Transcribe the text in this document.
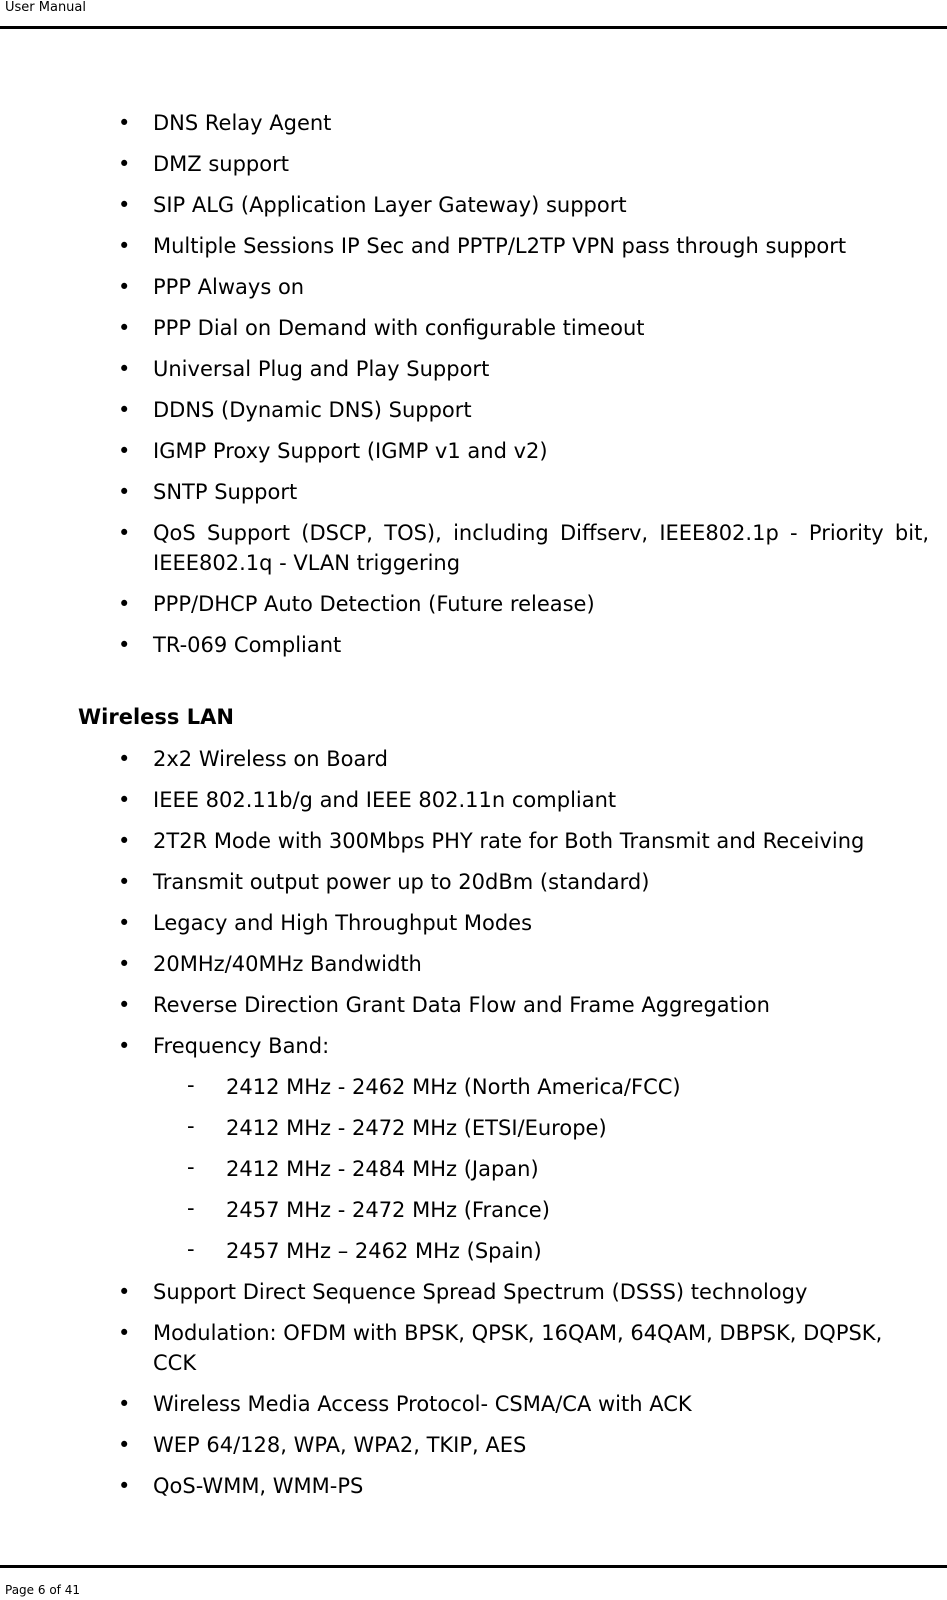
User Manual
• DNS Relay Agent
• DMZ support
• SIP ALG (Application Layer Gateway) support
• Multiple Sessions IP Sec and PPTP/L2TP VPN pass through support
• PPP Always on
• PPP Dial on Demand with configurable timeout
• Universal Plug and Play Support
• DDNS (Dynamic DNS) Support
• IGMP Proxy Support (IGMP v1 and v2)
• SNTP Support
• QoS Support (DSCP, TOS), including Diffserv, IEEE802.1p - Priority bit, IEEE802.1q - VLAN triggering
• PPP/DHCP Auto Detection (Future release)
• TR-069 Compliant
Wireless LAN
• 2x2 Wireless on Board
• IEEE 802.11b/g and IEEE 802.11n compliant
• 2T2R Mode with 300Mbps PHY rate for Both Transmit and Receiving
• Transmit output power up to 20dBm (standard)
• Legacy and High Throughput Modes
• 20MHz/40MHz Bandwidth
• Reverse Direction Grant Data Flow and Frame Aggregation
• Frequency Band:
- 2412 MHz - 2462 MHz (North America/FCC)
- 2412 MHz - 2472 MHz (ETSI/Europe)
- 2412 MHz - 2484 MHz (Japan)
- 2457 MHz - 2472 MHz (France)
- 2457 MHz – 2462 MHz (Spain)
• Support Direct Sequence Spread Spectrum (DSSS) technology
• Modulation: OFDM with BPSK, QPSK, 16QAM, 64QAM, DBPSK, DQPSK, CCK
• Wireless Media Access Protocol- CSMA/CA with ACK
• WEP 64/128, WPA, WPA2, TKIP, AES
• QoS-WMM, WMM-PS
Page 6 of 41
